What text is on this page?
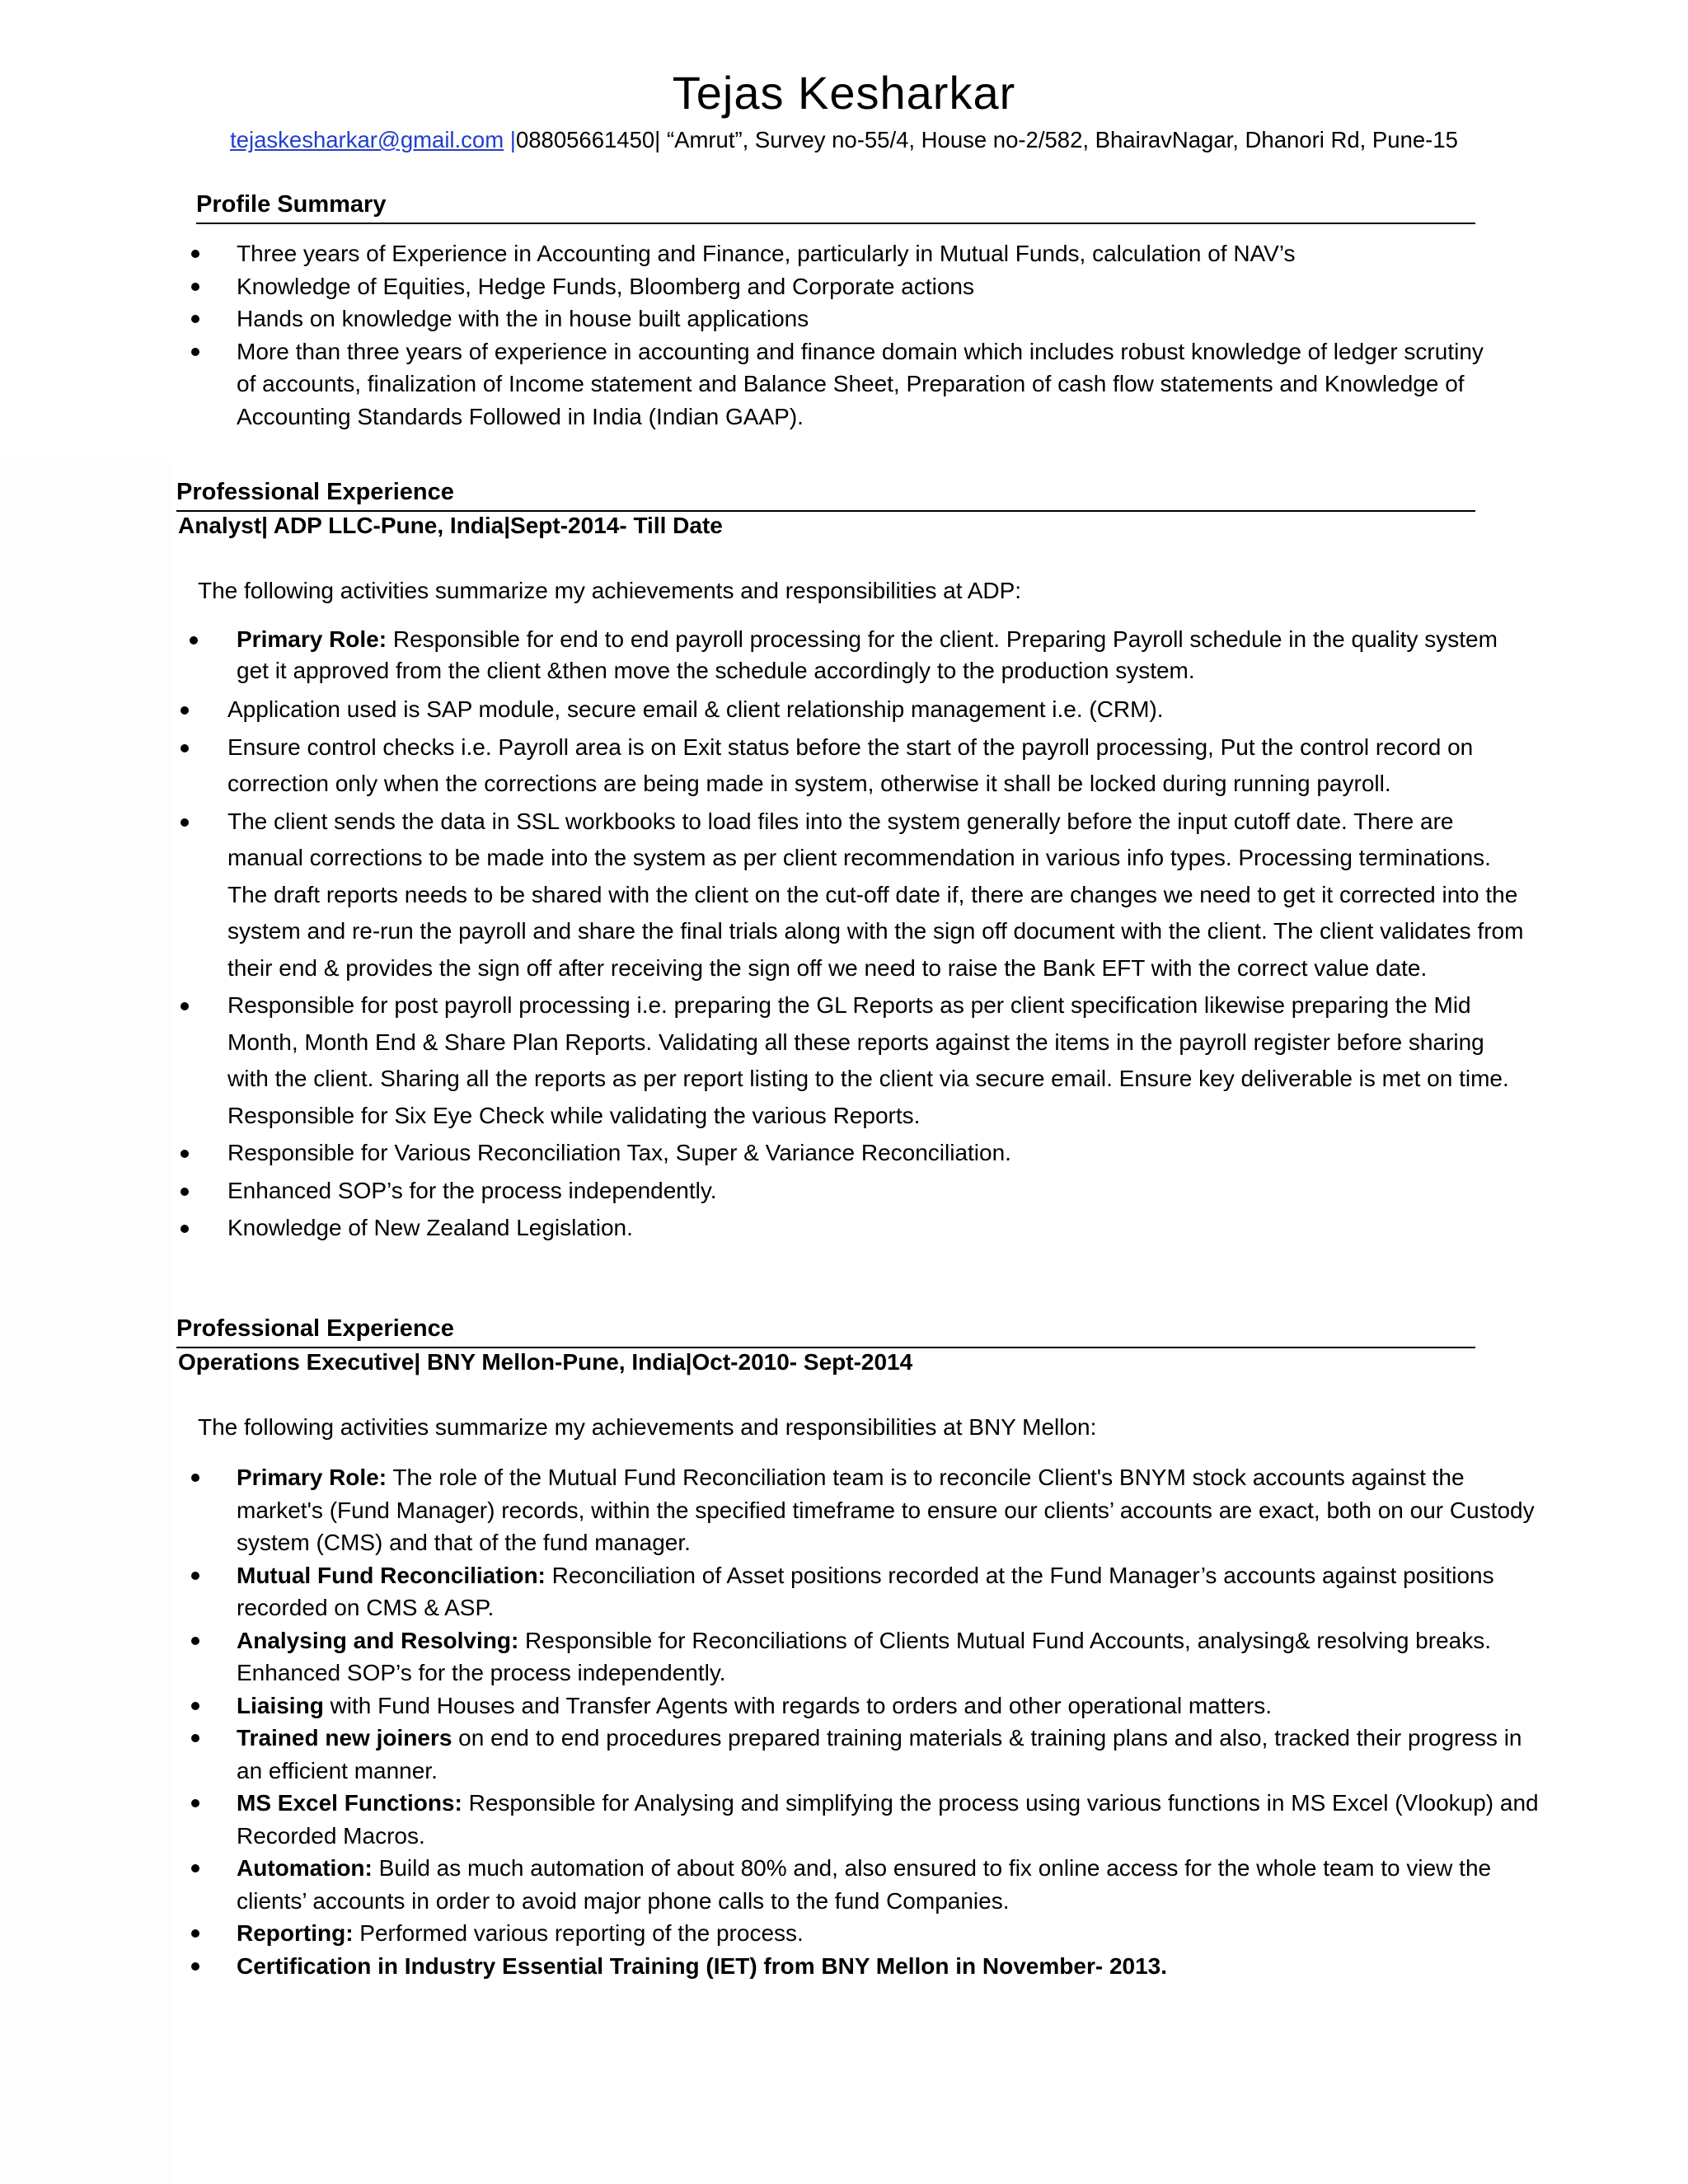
Tejas Kesharkar
tejaskesharkar@gmail.com |08805661450| “Amrut”, Survey no-55/4, House no-2/582, BhairavNagar, Dhanori Rd, Pune-15
Profile Summary
Three years of Experience in Accounting and Finance, particularly in Mutual Funds, calculation of NAV’s
Knowledge of Equities, Hedge Funds, Bloomberg and Corporate actions
Hands on knowledge with the in house built applications
More than three years of experience in accounting and finance domain which includes robust knowledge of ledger scrutiny of accounts, finalization of Income statement and Balance Sheet, Preparation of cash flow statements and Knowledge of Accounting Standards Followed in India (Indian GAAP).
Professional Experience
Analyst| ADP LLC-Pune, India|Sept-2014- Till Date
The following activities summarize my achievements and responsibilities at ADP:
Primary Role: Responsible for end to end payroll processing for the client. Preparing Payroll schedule in the quality system get it approved from the client &then move the schedule accordingly to the production system.
Application used is SAP module, secure email & client relationship management i.e. (CRM).
Ensure control checks i.e. Payroll area is on Exit status before the start of the payroll processing, Put the control record on correction only when the corrections are being made in system, otherwise it shall be locked during running payroll.
The client sends the data in SSL workbooks to load files into the system generally before the input cutoff date. There are manual corrections to be made into the system as per client recommendation in various info types. Processing terminations. The draft reports needs to be shared with the client on the cut-off date if, there are changes we need to get it corrected into the system and re-run the payroll and share the final trials along with the sign off document with the client. The client validates from their end & provides the sign off after receiving the sign off we need to raise the Bank EFT with the correct value date.
Responsible for post payroll processing i.e. preparing the GL Reports as per client specification likewise preparing the Mid Month, Month End & Share Plan Reports. Validating all these reports against the items in the payroll register before sharing with the client. Sharing all the reports as per report listing to the client via secure email. Ensure key deliverable is met on time. Responsible for Six Eye Check while validating the various Reports.
Responsible for Various Reconciliation Tax, Super & Variance Reconciliation.
Enhanced SOP’s for the process independently.
Knowledge of New Zealand Legislation.
Professional Experience
Operations Executive| BNY Mellon-Pune, India|Oct-2010- Sept-2014
The following activities summarize my achievements and responsibilities at BNY Mellon:
Primary Role: The role of the Mutual Fund Reconciliation team is to reconcile Client's BNYM stock accounts against the market's (Fund Manager) records, within the specified timeframe to ensure our clients’ accounts are exact, both on our Custody system (CMS) and that of the fund manager.
Mutual Fund Reconciliation: Reconciliation of Asset positions recorded at the Fund Manager’s accounts against positions recorded on CMS & ASP.
Analysing and Resolving: Responsible for Reconciliations of Clients Mutual Fund Accounts, analysing& resolving breaks. Enhanced SOP’s for the process independently.
Liaising with Fund Houses and Transfer Agents with regards to orders and other operational matters.
Trained new joiners on end to end procedures prepared training materials & training plans and also, tracked their progress in an efficient manner.
MS Excel Functions: Responsible for Analysing and simplifying the process using various functions in MS Excel (Vlookup) and Recorded Macros.
Automation: Build as much automation of about 80% and, also ensured to fix online access for the whole team to view the clients’ accounts in order to avoid major phone calls to the fund Companies.
Reporting: Performed various reporting of the process.
Certification in Industry Essential Training (IET) from BNY Mellon in November- 2013.
